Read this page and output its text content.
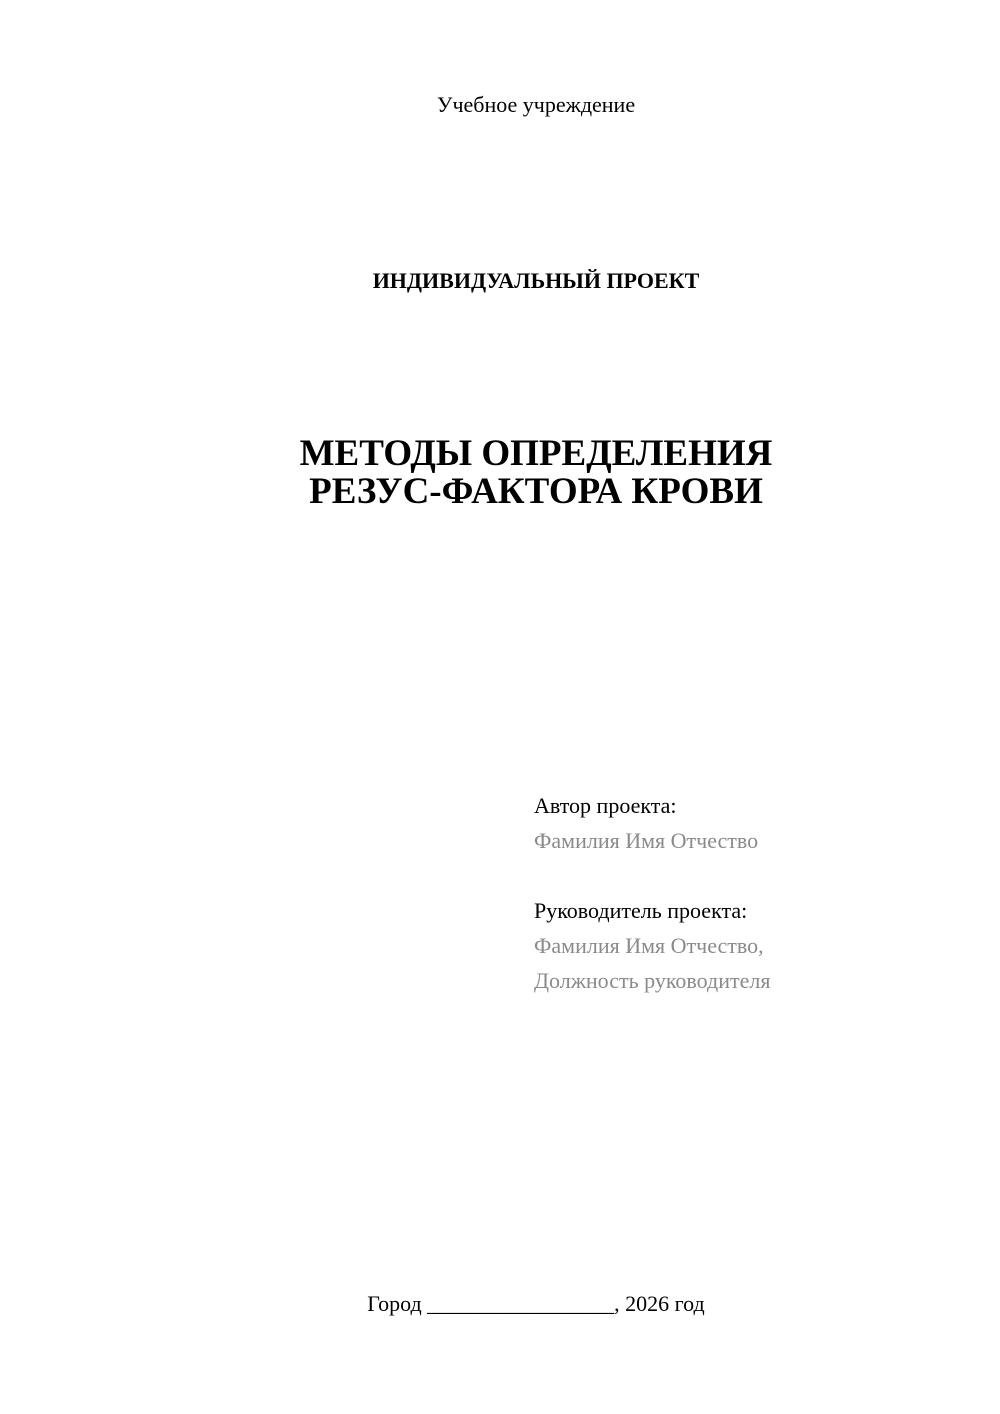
Учебное учреждение
ИНДИВИДУАЛЬНЫЙ ПРОЕКТ
МЕТОДЫ ОПРЕДЕЛЕНИЯ
РЕЗУС-ФАКТОРА КРОВИ
Автор проекта:
Фамилия Имя Отчество
Руководитель проекта:
Фамилия Имя Отчество,
Должность руководителя
Город _________________, 2026 год
